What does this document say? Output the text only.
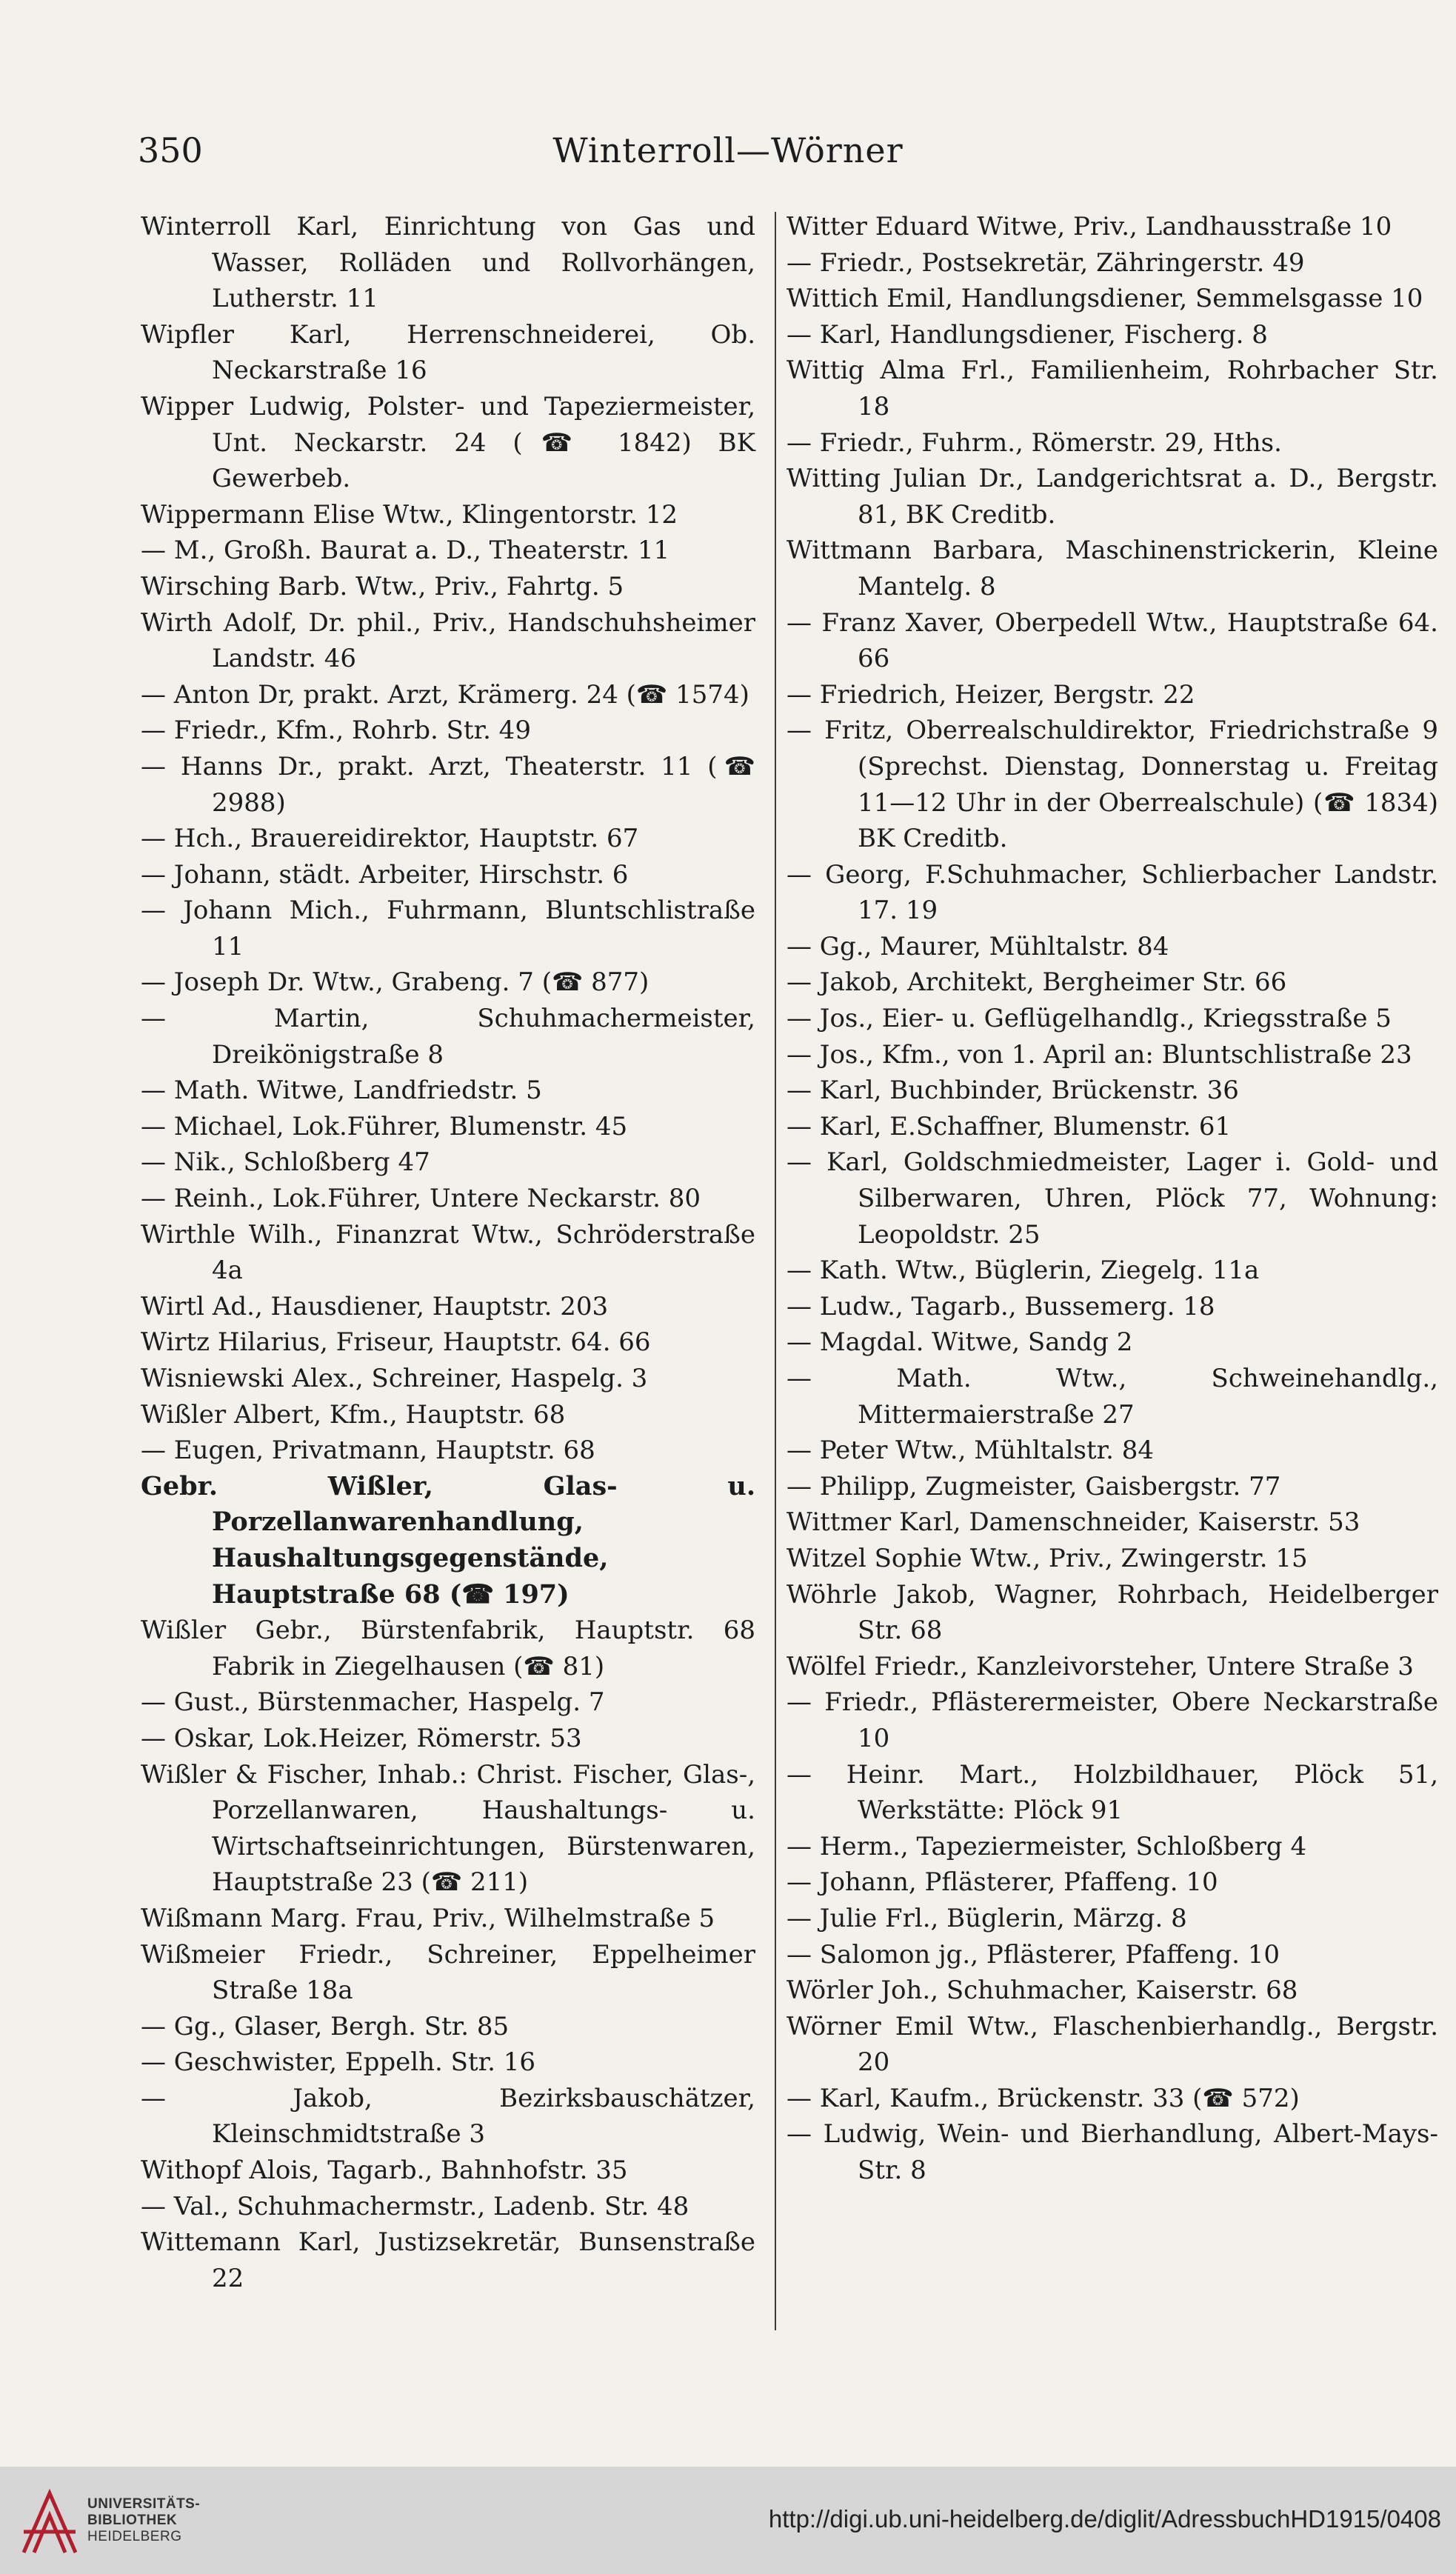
350	Winterroll—Wörner
Winterroll Karl, Einrichtung von Gas und Wasser, Rolläden und Rollvorhängen, Lutherstr. 11
Wipfler Karl, Herrenschneiderei, Ob. Neckarstraße 16
Wipper Ludwig, Polster- und Tapeziermeister, Unt. Neckarstr. 24 (☎ 1842) BK Gewerbeb.
Wippermann Elise Wtw., Klingentorstr. 12
— M., Großh. Baurat a. D., Theaterstr. 11
Wirsching Barb. Wtw., Priv., Fahrtg. 5
Wirth Adolf, Dr. phil., Priv., Handschuhsheimer Landstr. 46
— Anton Dr, prakt. Arzt, Krämerg. 24 (☎ 1574)
— Friedr., Kfm., Rohrb. Str. 49
— Hanns Dr., prakt. Arzt, Theaterstr. 11 (☎ 2988)
— Hch., Brauereidirektor, Hauptstr. 67
— Johann, städt. Arbeiter, Hirschstr. 6
— Johann Mich., Fuhrmann, Bluntschlistraße 11
— Joseph Dr. Wtw., Grabeng. 7 (☎ 877)
— Martin, Schuhmachermeister, Dreikönigstraße 8
— Math. Witwe, Landfriedstr. 5
— Michael, Lok.Führer, Blumenstr. 45
— Nik., Schloßberg 47
— Reinh., Lok.Führer, Untere Neckarstr. 80
Wirthle Wilh., Finanzrat Wtw., Schröderstraße 4a
Wirtl Ad., Hausdiener, Hauptstr. 203
Wirtz Hilarius, Friseur, Hauptstr. 64. 66
Wisniewski Alex., Schreiner, Haspelg. 3
Wißler Albert, Kfm., Hauptstr. 68
— Eugen, Privatmann, Hauptstr. 68
Gebr. Wißler, Glas- u. Porzellanwarenhandlung, Haushaltungsgegenstände, Hauptstraße 68 (☎ 197)
Wißler Gebr., Bürstenfabrik, Hauptstr. 68 Fabrik in Ziegelhausen (☎ 81)
— Gust., Bürstenmacher, Haspelg. 7
— Oskar, Lok.Heizer, Römerstr. 53
Wißler & Fischer, Inhab.: Christ. Fischer, Glas-, Porzellanwaren, Haushaltungs- u. Wirtschaftseinrichtungen, Bürstenwaren, Hauptstraße 23 (☎ 211)
Wißmann Marg. Frau, Priv., Wilhelmstraße 5
Wißmeier Friedr., Schreiner, Eppelheimer Straße 18a
— Gg., Glaser, Bergh. Str. 85
— Geschwister, Eppelh. Str. 16
— Jakob, Bezirksbauschätzer, Kleinschmidtstraße 3
Withopf Alois, Tagarb., Bahnhofstr. 35
— Val., Schuhmachermstr., Ladenb. Str. 48
Wittemann Karl, Justizsekretär, Bunsenstraße 22
Witter Eduard Witwe, Priv., Landhausstraße 10
— Friedr., Postsekretär, Zähringerstr. 49
Wittich Emil, Handlungsdiener, Semmelsgasse 10
— Karl, Handlungsdiener, Fischerg. 8
Wittig Alma Frl., Familienheim, Rohrbacher Str. 18
— Friedr., Fuhrm., Römerstr. 29, Hths.
Witting Julian Dr., Landgerichtsrat a. D., Bergstr. 81, BK Creditb.
Wittmann Barbara, Maschinenstrickerin, Kleine Mantelg. 8
— Franz Xaver, Oberpedell Wtw., Hauptstraße 64. 66
— Friedrich, Heizer, Bergstr. 22
— Fritz, Oberrealschuldirektor, Friedrichstraße 9 (Sprechst. Dienstag, Donnerstag u. Freitag 11—12 Uhr in der Oberrealschule) (☎ 1834) BK Creditb.
— Georg, F.Schuhmacher, Schlierbacher Landstr. 17. 19
— Gg., Maurer, Mühltalstr. 84
— Jakob, Architekt, Bergheimer Str. 66
— Jos., Eier- u. Geflügelhandlg., Kriegsstraße 5
— Jos., Kfm., von 1. April an: Bluntschlistraße 23
— Karl, Buchbinder, Brückenstr. 36
— Karl, E.Schaffner, Blumenstr. 61
— Karl, Goldschmiedmeister, Lager i. Gold- und Silberwaren, Uhren, Plöck 77, Wohnung: Leopoldstr. 25
— Kath. Wtw., Büglerin, Ziegelg. 11a
— Ludw., Tagarb., Bussemerg. 18
— Magdal. Witwe, Sandg 2
— Math. Wtw., Schweinehandlg., Mittermaierstraße 27
— Peter Wtw., Mühltalstr. 84
— Philipp, Zugmeister, Gaisbergstr. 77
Wittmer Karl, Damenschneider, Kaiserstr. 53
Witzel Sophie Wtw., Priv., Zwingerstr. 15
Wöhrle Jakob, Wagner, Rohrbach, Heidelberger Str. 68
Wölfel Friedr., Kanzleivorsteher, Untere Straße 3
— Friedr., Pflästerermeister, Obere Neckarstraße 10
— Heinr. Mart., Holzbildhauer, Plöck 51, Werkstätte: Plöck 91
— Herm., Tapeziermeister, Schloßberg 4
— Johann, Pflästerer, Pfaffeng. 10
— Julie Frl., Büglerin, Märzg. 8
— Salomon jg., Pflästerer, Pfaffeng. 10
Wörler Joh., Schuhmacher, Kaiserstr. 68
Wörner Emil Wtw., Flaschenbierhandlg., Bergstr. 20
— Karl, Kaufm., Brückenstr. 33 (☎ 572)
— Ludwig, Wein- und Bierhandlung, Albert-Mays-Str. 8
UNIVERSITÄTS-
BIBLIOTHEK
HEIDELBERG
http://digi.ub.uni-heidelberg.de/diglit/AdressbuchHD1915/0408
